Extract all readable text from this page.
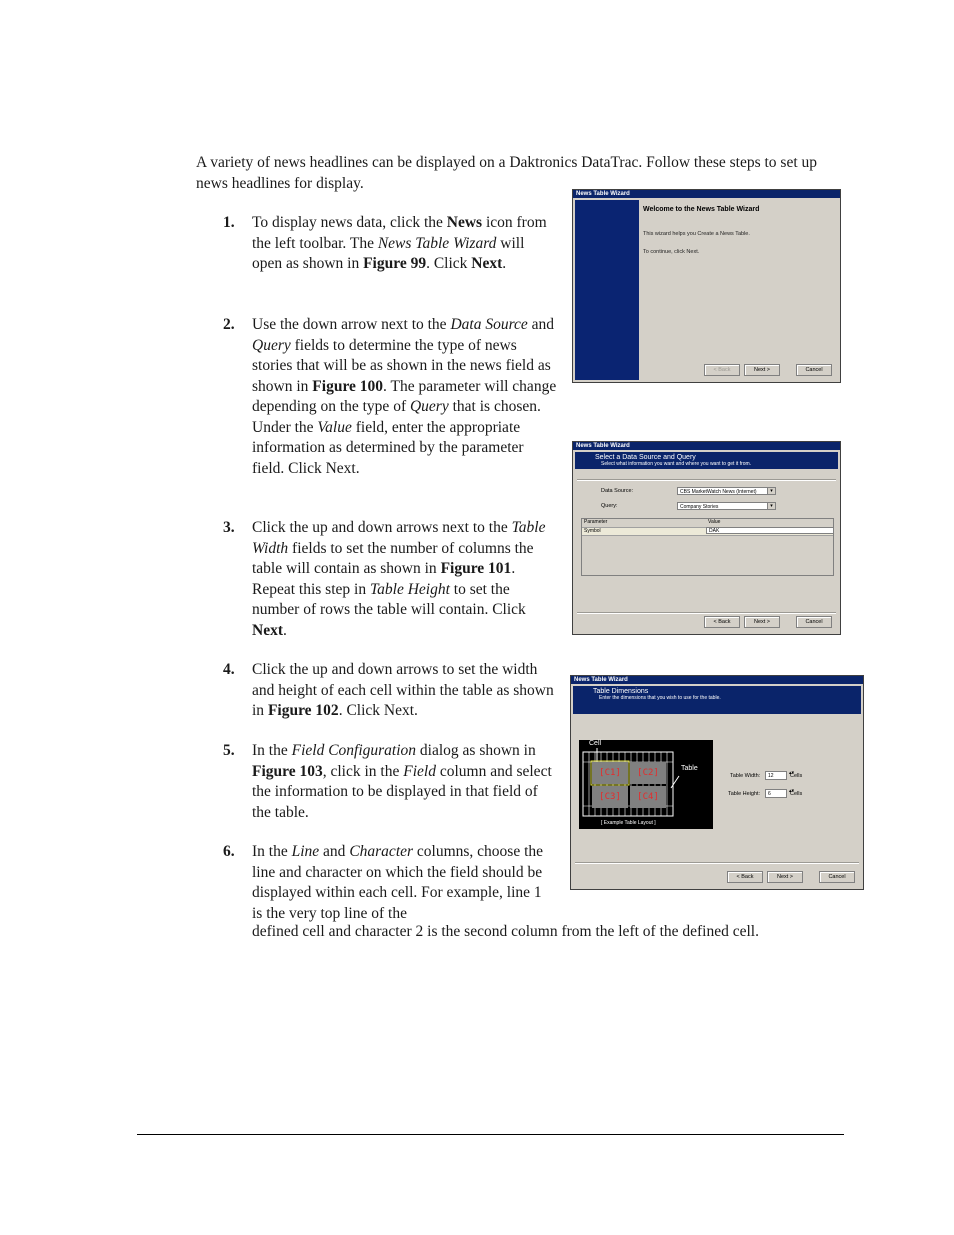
A variety of news headlines can be displayed on a Daktronics DataTrac. Follow these steps to set up news headlines for display.

1. To display news data, click the News icon from the left toolbar. The News Table Wizard will open as shown in Figure 99. Click Next.
2. Use the down arrow next to the Data Source and Query fields to determine the type of news stories that will be as shown in the news field as shown in Figure 100. The parameter will change depending on the type of Query that is chosen. Under the Value field, enter the appropriate information as determined by the parameter field. Click Next.
3. Click the up and down arrows next to the Table Width fields to set the number of columns the table will contain as shown in Figure 101. Repeat this step in Table Height to set the number of rows the table will contain. Click Next.
4. Click the up and down arrows to set the width and height of each cell within the table as shown in Figure 102. Click Next.
5. In the Field Configuration dialog as shown in Figure 103, click in the Field column and select the information to be displayed in that field of the table.
6. In the Line and Character columns, choose the line and character on which the field should be displayed within each cell. For example, line 1 is the very top line of the
defined cell and character 2 is the second column from the left of the defined cell.
News Table Wizard
Welcome to the News Table Wizard
This wizard helps you Create a News Table.
To continue, click Next.
< Back	Next >	Cancel
News Table Wizard
Select a Data Source and Query
Select what information you want and where you want to get it from.
Data Source:	CBS MarketWatch News (Internet)	▾
Query:	Company Stories	▾
Parameter	Value
Symbol	DAK
< Back	Next >	Cancel
News Table Wizard
Table Dimensions
Enter the dimensions that you wish to use for the table.
Cell
Table
[C1]	[C2]
[C3]	[C4]
[ Example Table Layout ]
Table Width:	12 ▴▾	Cells
Table Height:	6 ▴▾	Cells
< Back	Next >	Cancel
